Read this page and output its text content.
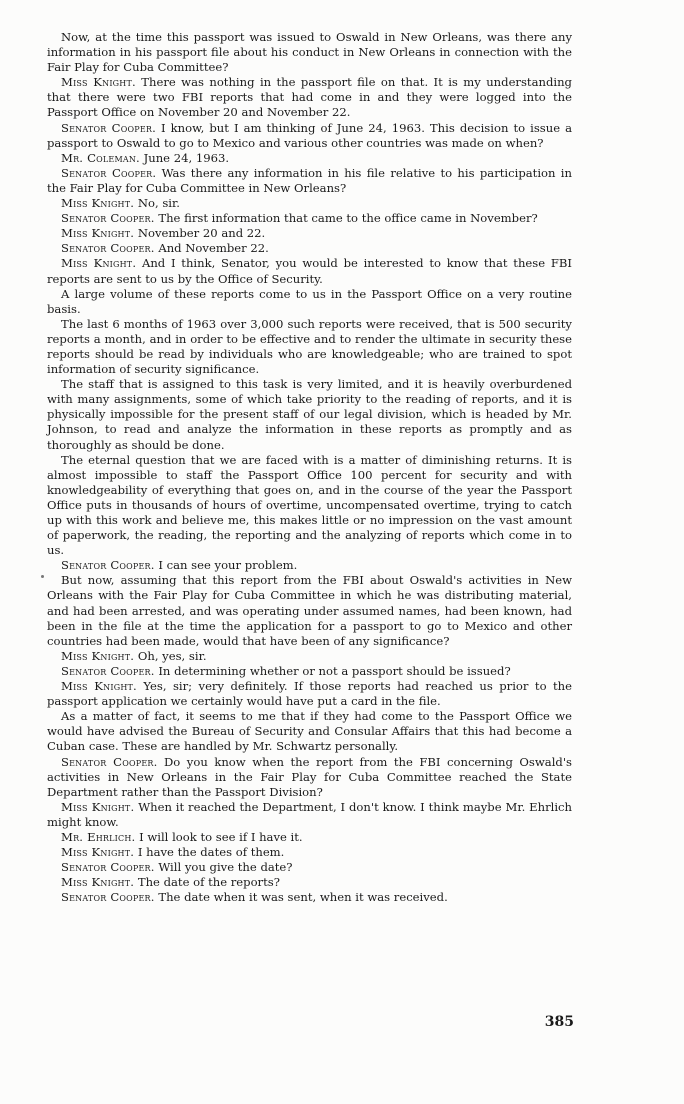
Now, at the time this passport was issued to Oswald in New Orleans, was there any information in his passport file about his conduct in New Orleans in connection with the Fair Play for Cuba Committee?

Miss Knight. There was nothing in the passport file on that. It is my understanding that there were two FBI reports that had come in and they were logged into the Passport Office on November 20 and November 22.

Senator Cooper. I know, but I am thinking of June 24, 1963. This decision to issue a passport to Oswald to go to Mexico and various other countries was made on when?

Mr. Coleman. June 24, 1963.

Senator Cooper. Was there any information in his file relative to his participation in the Fair Play for Cuba Committee in New Orleans?

Miss Knight. No, sir.

Senator Cooper. The first information that came to the office came in November?

Miss Knight. November 20 and 22.

Senator Cooper. And November 22.

Miss Knight. And I think, Senator, you would be interested to know that these FBI reports are sent to us by the Office of Security.

A large volume of these reports come to us in the Passport Office on a very routine basis.

The last 6 months of 1963 over 3,000 such reports were received, that is 500 security reports a month, and in order to be effective and to render the ultimate in security these reports should be read by individuals who are knowledgeable; who are trained to spot information of security significance.

The staff that is assigned to this task is very limited, and it is heavily overburdened with many assignments, some of which take priority to the reading of reports, and it is physically impossible for the present staff of our legal division, which is headed by Mr. Johnson, to read and analyze the information in these reports as promptly and as thoroughly as should be done.

The eternal question that we are faced with is a matter of diminishing returns. It is almost impossible to staff the Passport Office 100 percent for security and with knowledgeability of everything that goes on, and in the course of the year the Passport Office puts in thousands of hours of overtime, uncompensated overtime, trying to catch up with this work and believe me, this makes little or no impression on the vast amount of paperwork, the reading, the reporting and the analyzing of reports which come in to us.

Senator Cooper. I can see your problem.

But now, assuming that this report from the FBI about Oswald's activities in New Orleans with the Fair Play for Cuba Committee in which he was distributing material, and had been arrested, and was operating under assumed names, had been known, had been in the file at the time the application for a passport to go to Mexico and other countries had been made, would that have been of any significance?

Miss Knight. Oh, yes, sir.

Senator Cooper. In determining whether or not a passport should be issued?

Miss Knight. Yes, sir; very definitely. If those reports had reached us prior to the passport application we certainly would have put a card in the file.

As a matter of fact, it seems to me that if they had come to the Passport Office we would have advised the Bureau of Security and Consular Affairs that this had become a Cuban case. These are handled by Mr. Schwartz personally.

Senator Cooper. Do you know when the report from the FBI concerning Oswald's activities in New Orleans in the Fair Play for Cuba Committee reached the State Department rather than the Passport Division?

Miss Knight. When it reached the Department, I don't know. I think maybe Mr. Ehrlich might know.

Mr. Ehrlich. I will look to see if I have it.

Miss Knight. I have the dates of them.

Senator Cooper. Will you give the date?

Miss Knight. The date of the reports?

Senator Cooper. The date when it was sent, when it was received.

385
